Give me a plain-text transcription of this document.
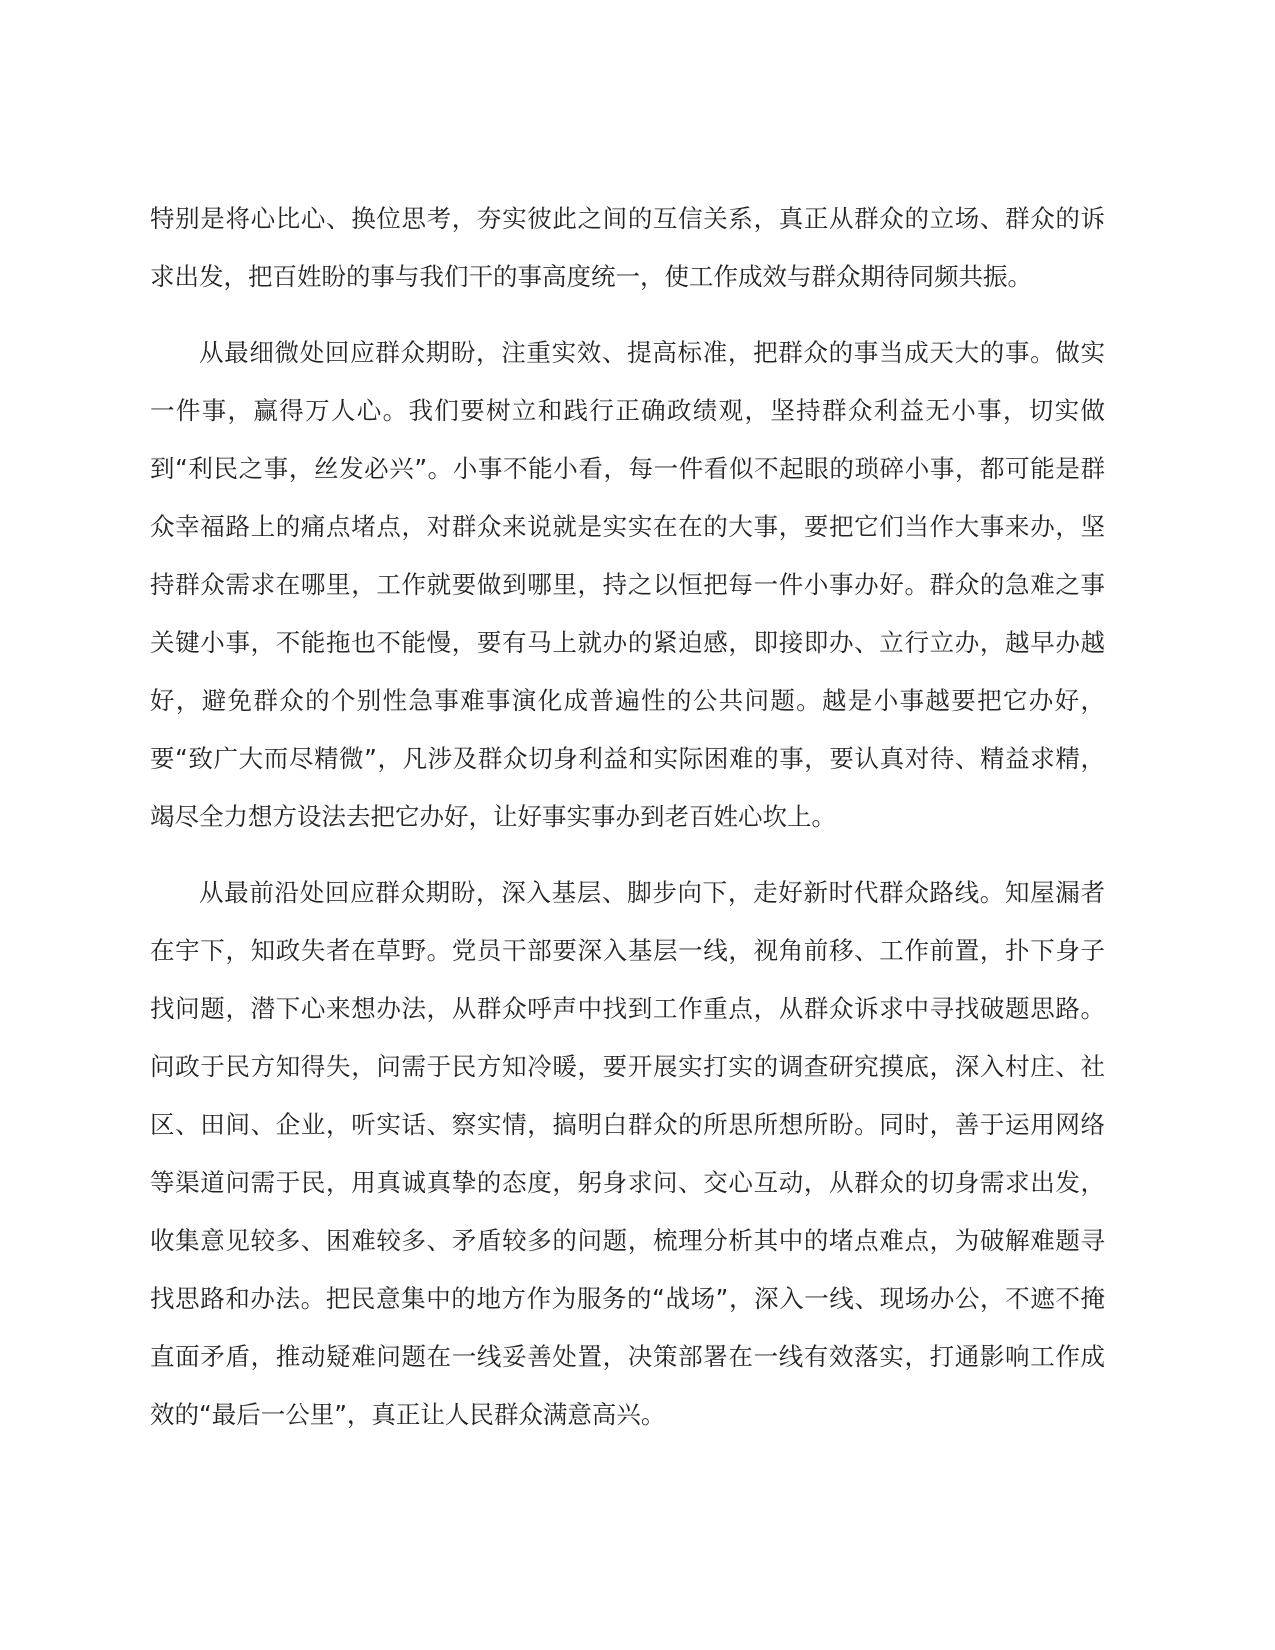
特别是将心比心、换位思考，夯实彼此之间的互信关系，真正从群众的立场、群众的诉求出发，把百姓盼的事与我们干的事高度统一，使工作成效与群众期待同频共振。

从最细微处回应群众期盼，注重实效、提高标准，把群众的事当成天大的事。做实一件事，赢得万人心。我们要树立和践行正确政绩观，坚持群众利益无小事，切实做到“利民之事，丝发必兴”。小事不能小看，每一件看似不起眼的琐碎小事，都可能是群众幸福路上的痛点堵点，对群众来说就是实实在在的大事，要把它们当作大事来办，坚持群众需求在哪里，工作就要做到哪里，持之以恒把每一件小事办好。群众的急难之事关键小事，不能拖也不能慢，要有马上就办的紧迫感，即接即办、立行立办，越早办越好，避免群众的个别性急事难事演化成普遍性的公共问题。越是小事越要把它办好，要“致广大而尽精微”，凡涉及群众切身利益和实际困难的事，要认真对待、精益求精，竭尽全力想方设法去把它办好，让好事实事办到老百姓心坎上。

从最前沿处回应群众期盼，深入基层、脚步向下，走好新时代群众路线。知屋漏者在宇下，知政失者在草野。党员干部要深入基层一线，视角前移、工作前置，扑下身子找问题，潜下心来想办法，从群众呼声中找到工作重点，从群众诉求中寻找破题思路。问政于民方知得失，问需于民方知冷暖，要开展实打实的调查研究摸底，深入村庄、社区、田间、企业，听实话、察实情，搞明白群众的所思所想所盼。同时，善于运用网络等渠道问需于民，用真诚真挚的态度，躬身求问、交心互动，从群众的切身需求出发，收集意见较多、困难较多、矛盾较多的问题，梳理分析其中的堵点难点，为破解难题寻找思路和办法。把民意集中的地方作为服务的“战场”，深入一线、现场办公，不遮不掩直面矛盾，推动疑难问题在一线妥善处置，决策部署在一线有效落实，打通影响工作成效的“最后一公里”，真正让人民群众满意高兴。
